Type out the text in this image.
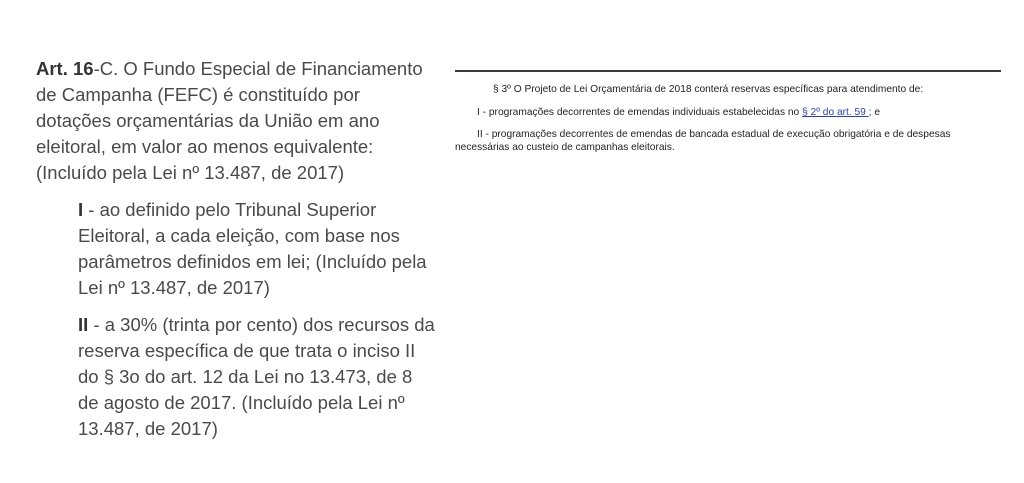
Art. 16-C. O Fundo Especial de Financiamento de Campanha (FEFC) é constituído por dotações orçamentárias da União em ano eleitoral, em valor ao menos equivalente: (Incluído pela Lei nº 13.487, de 2017)

I - ao definido pelo Tribunal Superior Eleitoral, a cada eleição, com base nos parâmetros definidos em lei; (Incluído pela Lei nº 13.487, de 2017)

II - a 30% (trinta por cento) dos recursos da reserva específica de que trata o inciso II do § 3o do art. 12 da Lei no 13.473, de 8 de agosto de 2017. (Incluído pela Lei nº 13.487, de 2017)

§ 3º O Projeto de Lei Orçamentária de 2018 conterá reservas específicas para atendimento de:

I - programações decorrentes de emendas individuais estabelecidas no § 2º do art. 59 ; e

II - programações decorrentes de emendas de bancada estadual de execução obrigatória e de despesas necessárias ao custeio de campanhas eleitorais.
